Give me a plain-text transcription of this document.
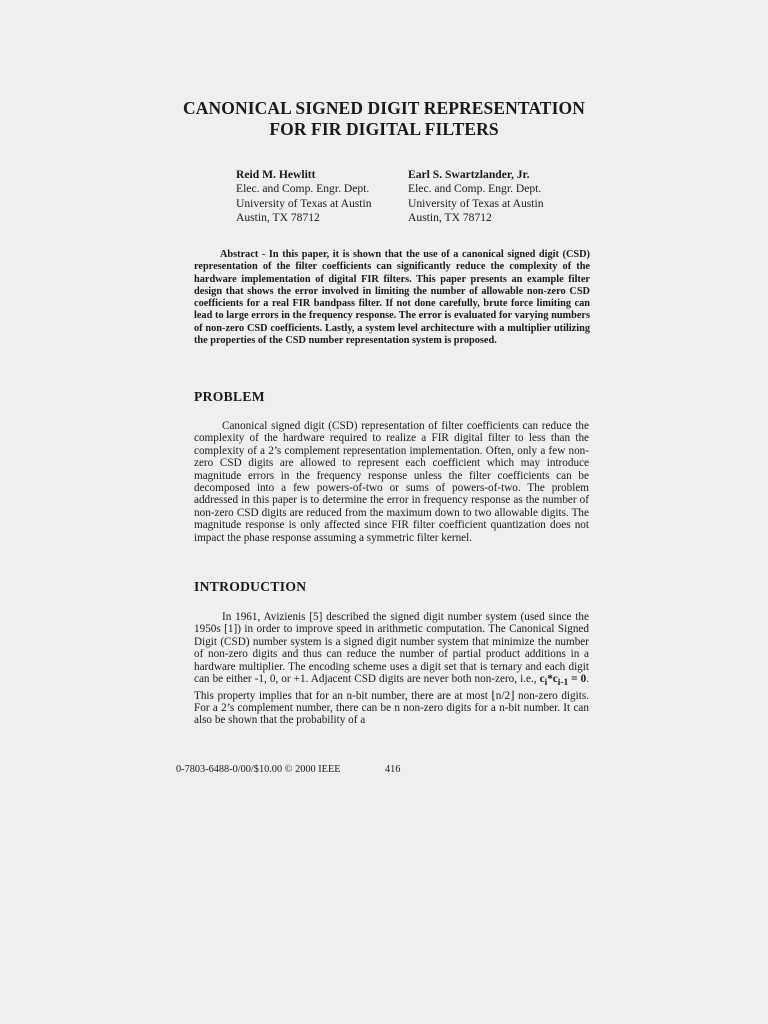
CANONICAL SIGNED DIGIT REPRESENTATION
FOR FIR DIGITAL FILTERS
Reid M. Hewlitt
Elec. and Comp. Engr. Dept.
University of Texas at Austin
Austin, TX 78712
Earl S. Swartzlander, Jr.
Elec. and Comp. Engr. Dept.
University of Texas at Austin
Austin, TX 78712
Abstract - In this paper, it is shown that the use of a canonical signed digit (CSD) representation of the filter coefficients can significantly reduce the complexity of the hardware implementation of digital FIR filters. This paper presents an example filter design that shows the error involved in limiting the number of allowable non-zero CSD coefficients for a real FIR bandpass filter. If not done carefully, brute force limiting can lead to large errors in the frequency response. The error is evaluated for varying numbers of non-zero CSD coefficients. Lastly, a system level architecture with a multiplier utilizing the properties of the CSD number representation system is proposed.
PROBLEM
Canonical signed digit (CSD) representation of filter coefficients can reduce the complexity of the hardware required to realize a FIR digital filter to less than the complexity of a 2’s complement representation implementation. Often, only a few non-zero CSD digits are allowed to represent each coefficient which may introduce magnitude errors in the frequency response unless the filter coefficients can be decomposed into a few powers-of-two or sums of powers-of-two. The problem addressed in this paper is to determine the error in frequency response as the number of non-zero CSD digits are reduced from the maximum down to two allowable digits. The magnitude response is only affected since FIR filter coefficient quantization does not impact the phase response assuming a symmetric filter kernel.
INTRODUCTION
In 1961, Avizienis [5] described the signed digit number system (used since the 1950s [1]) in order to improve speed in arithmetic computation. The Canonical Signed Digit (CSD) number system is a signed digit number system that minimize the number of non-zero digits and thus can reduce the number of partial product additions in a hardware multiplier. The encoding scheme uses a digit set that is ternary and each digit can be either -1, 0, or +1. Adjacent CSD digits are never both non-zero, i.e., $c_i*c_{i-1} = 0$. This property implies that for an n-bit number, there are at most ⌊n/2⌋ non-zero digits. For a 2’s complement number, there can be n non-zero digits for a n-bit number. It can also be shown that the probability of a
0-7803-6488-0/00/$10.00 © 2000 IEEE	416
